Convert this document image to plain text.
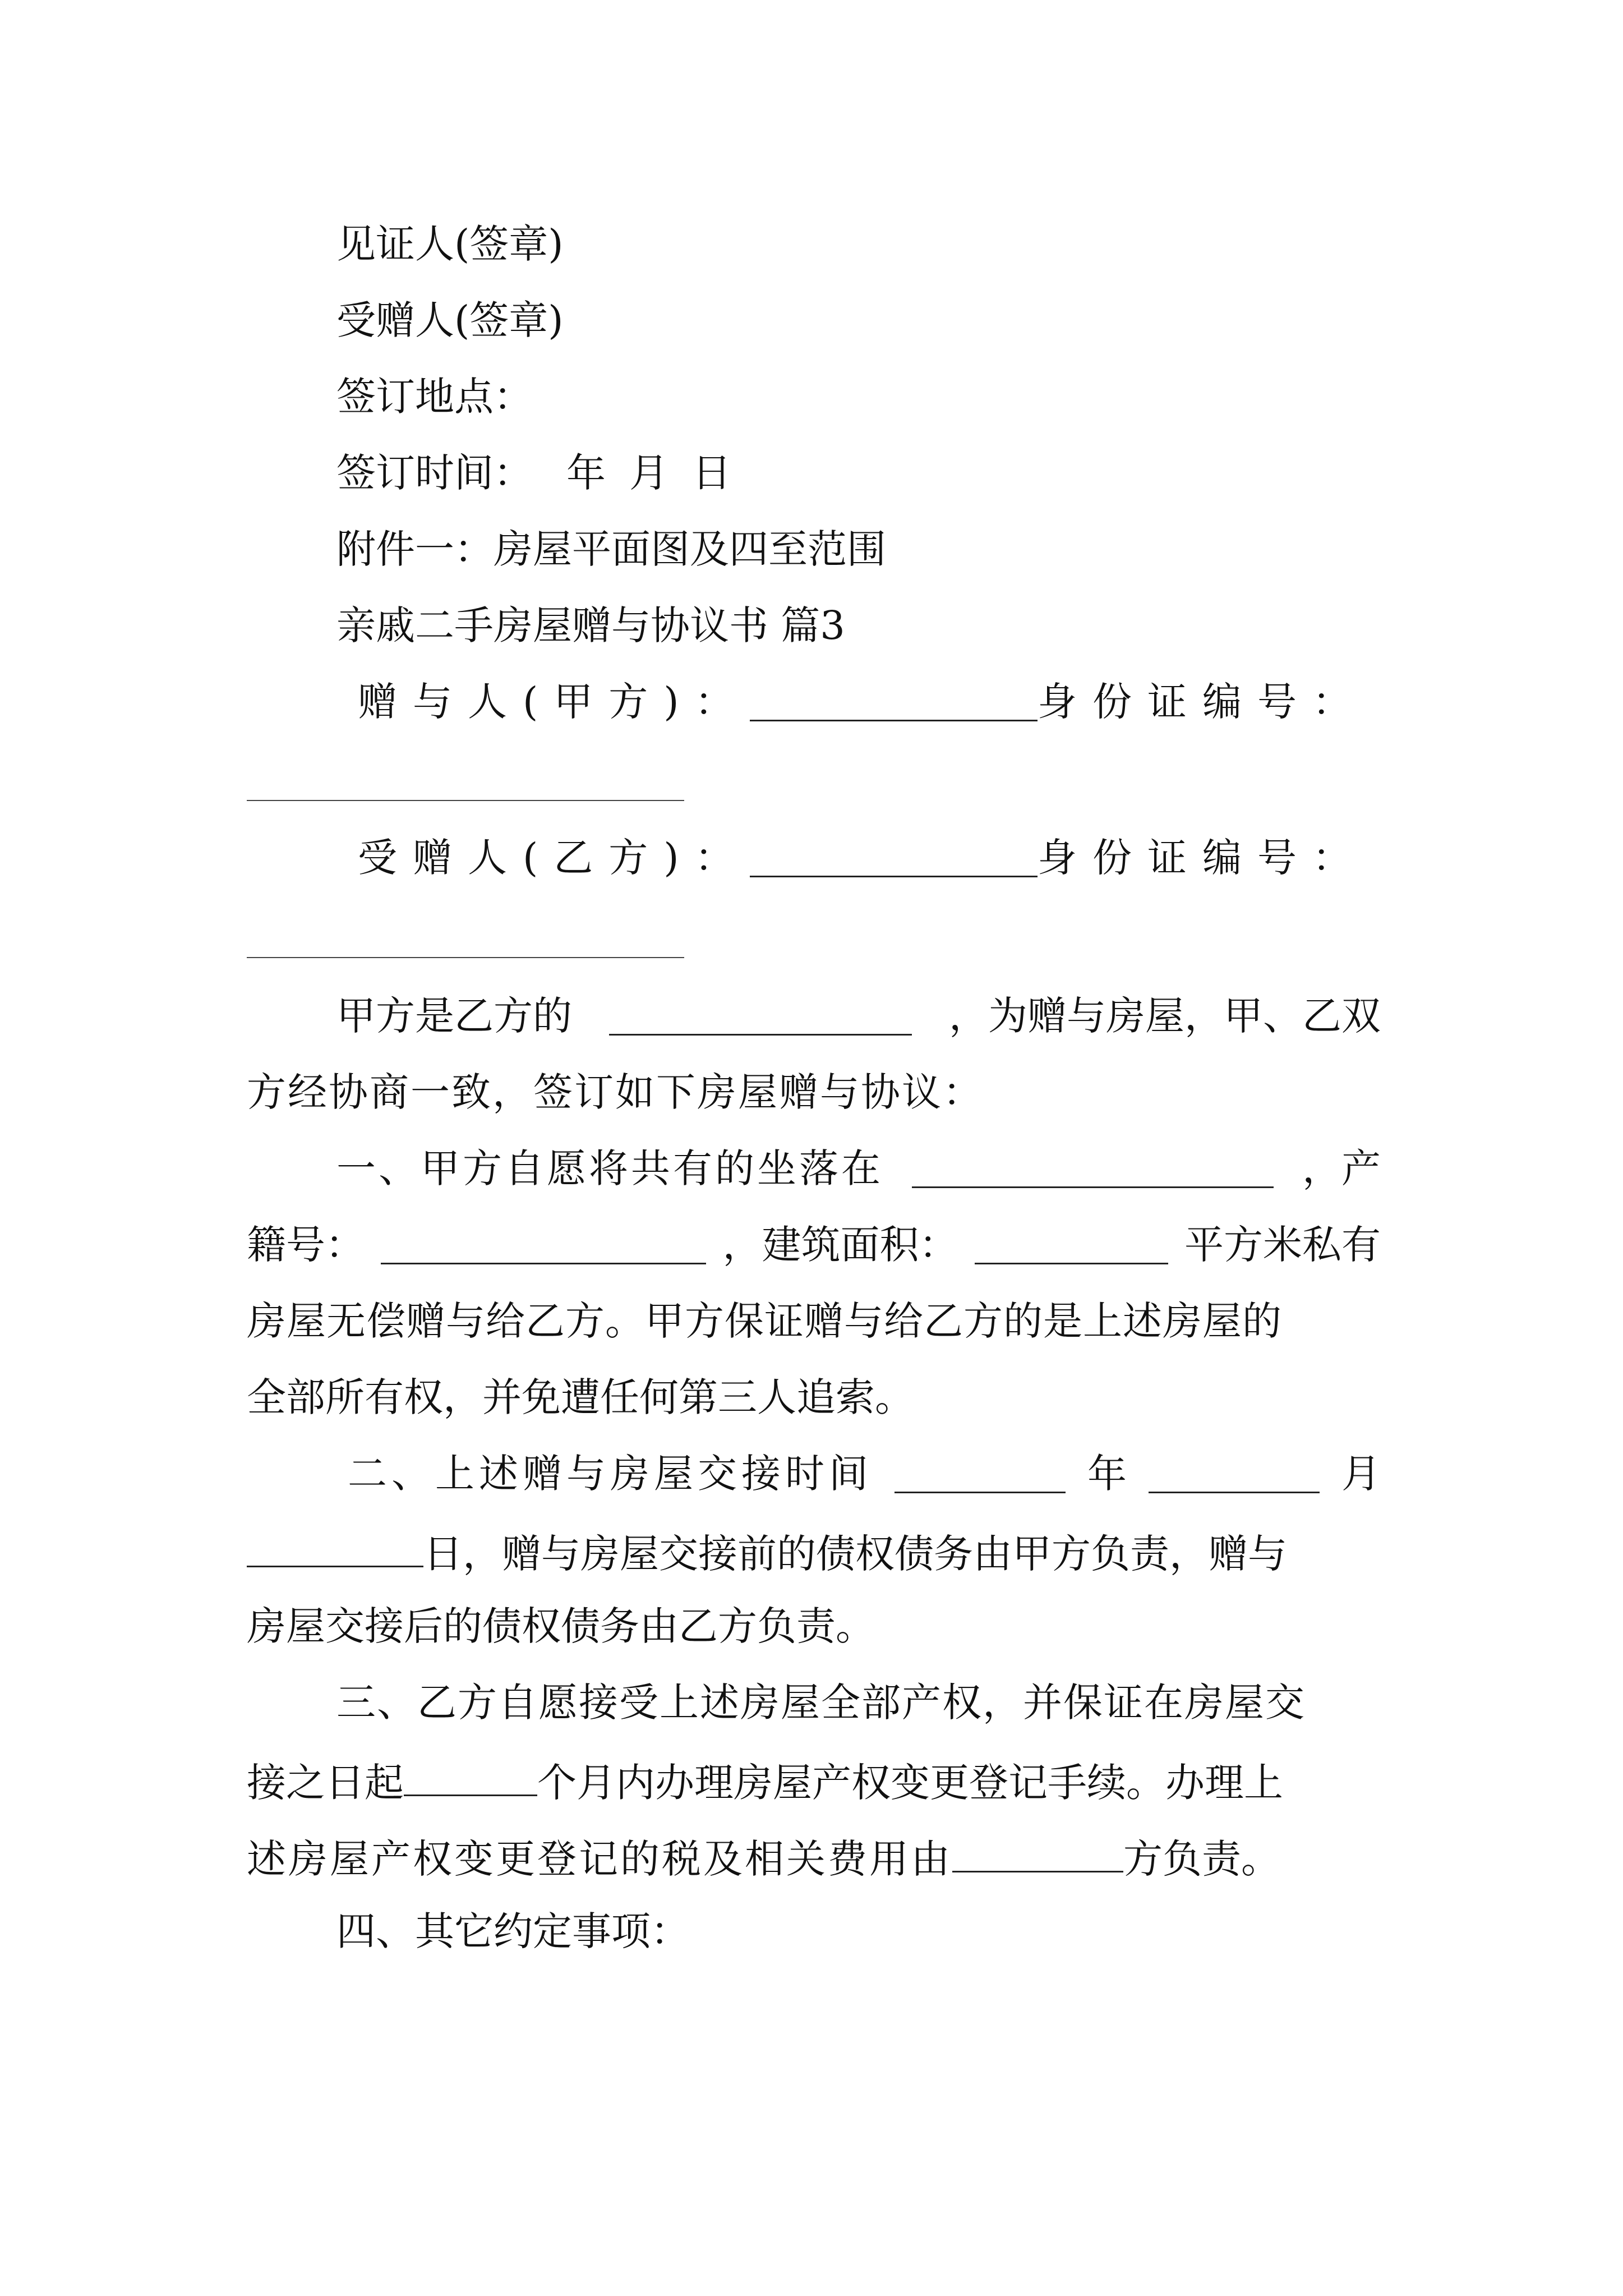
见证人(签章)
受赠人(签章)
签订地点：
签订时间： 年 月 日
附件一：房屋平面图及四至范围
亲戚二手房屋赠与协议书 篇3
赠与人(甲方)：	身份证编号：
受赠人(乙方)：	身份证编号：
甲方是乙方的	，为赠与房屋，甲、乙双
方经协商一致，签订如下房屋赠与协议：
一、甲方自愿将共有的坐落在	，产
籍号：	，建筑面积：	平方米私有
房屋无偿赠与给乙方。甲方保证赠与给乙方的是上述房屋的
全部所有权，并免遭任何第三人追索。
二、上述赠与房屋交接时间	年	月
日，赠与房屋交接前的债权债务由甲方负责，赠与
房屋交接后的债权债务由乙方负责。
三、乙方自愿接受上述房屋全部产权，并保证在房屋交
接之日起	个月内办理房屋产权变更登记手续。办理上
述房屋产权变更登记的税及相关费用由	方负责。
四、其它约定事项：
